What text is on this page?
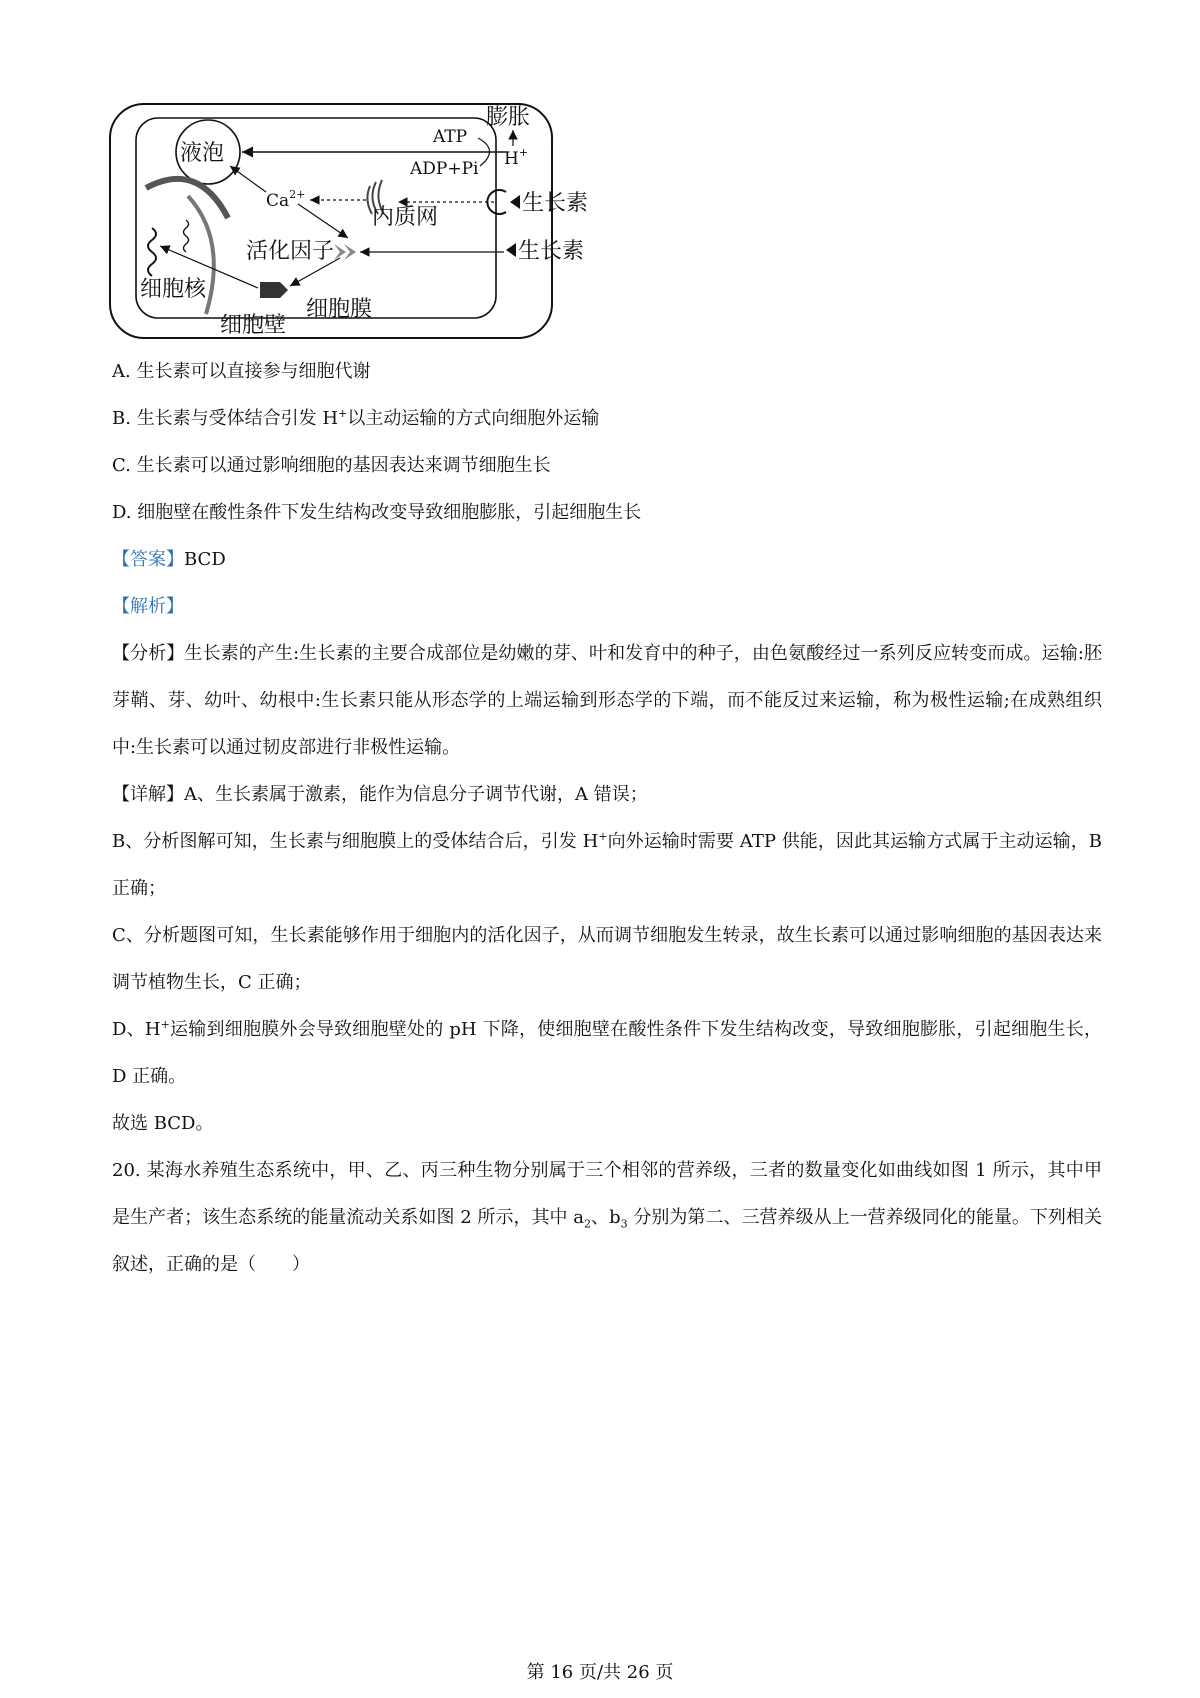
液泡
细胞核
ATP
ADP+Pi
膨胀
H+
$Ca^{2+}$
内质网
生长素
活化因子	生长素
细胞膜
细胞壁
A. 生长素可以直接参与细胞代谢
B. 生长素与受体结合引发 H+以主动运输的方式向细胞外运输
C. 生长素可以通过影响细胞的基因表达来调节细胞生长
D. 细胞壁在酸性条件下发生结构改变导致细胞膨胀，引起细胞生长
【答案】BCD
【解析】
【分析】生长素的产生:生长素的主要合成部位是幼嫩的芽、叶和发育中的种子，由色氨酸经过一系列反应转变而成。运输:胚芽鞘、芽、幼叶、幼根中:生长素只能从形态学的上端运输到形态学的下端，而不能反过来运输，称为极性运输;在成熟组织中:生长素可以通过韧皮部进行非极性运输。
【详解】A、生长素属于激素，能作为信息分子调节代谢，A 错误；
B、分析图解可知，生长素与细胞膜上的受体结合后，引发 H+向外运输时需要 ATP 供能，因此其运输方式属于主动运输，B 正确；
C、分析题图可知，生长素能够作用于细胞内的活化因子，从而调节细胞发生转录，故生长素可以通过影响细胞的基因表达来调节植物生长，C 正确；
D、H+运输到细胞膜外会导致细胞壁处的 pH 下降，使细胞壁在酸性条件下发生结构改变，导致细胞膨胀，引起细胞生长，D 正确。
故选 BCD。
20. 某海水养殖生态系统中，甲、乙、丙三种生物分别属于三个相邻的营养级，三者的数量变化如曲线如图 1 所示，其中甲是生产者；该生态系统的能量流动关系如图 2 所示，其中 $a_2$、$b_3$ 分别为第二、三营养级从上一营养级同化的能量。下列相关叙述，正确的是（　　）
第 16 页/共 26 页
